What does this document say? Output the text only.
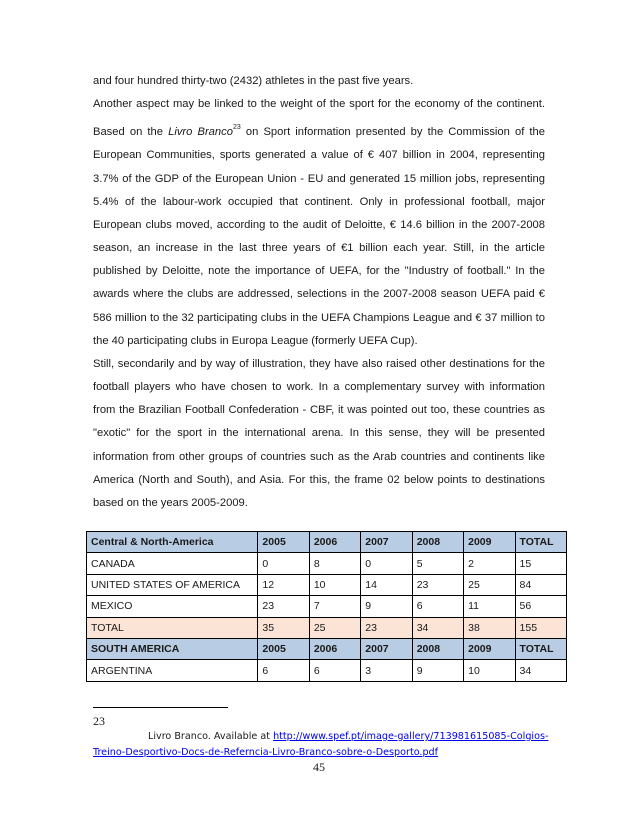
and four hundred thirty-two (2432) athletes in the past five years.

Another aspect may be linked to the weight of the sport for the economy of the continent. Based on the Livro Branco$^{23}$ on Sport information presented by the Commission of the European Communities, sports generated a value of € 407 billion in 2004, representing 3.7% of the GDP of the European Union - EU and generated 15 million jobs, representing 5.4% of the labour-work occupied that continent. Only in professional football, major European clubs moved, according to the audit of Deloitte, € 14.6 billion in the 2007-2008 season, an increase in the last three years of €1 billion each year. Still, in the article published by Deloitte, note the importance of UEFA, for the "Industry of football." In the awards where the clubs are addressed, selections in the 2007-2008 season UEFA paid € 586 million to the 32 participating clubs in the UEFA Champions League and € 37 million to the 40 participating clubs in Europa League (formerly UEFA Cup).

Still, secondarily and by way of illustration, they have also raised other destinations for the football players who have chosen to work. In a complementary survey with information from the Brazilian Football Confederation - CBF, it was pointed out too, these countries as "exotic" for the sport in the international arena. In this sense, they will be presented information from other groups of countries such as the Arab countries and continents like America (North and South), and Asia. For this, the frame 02 below points to destinations based on the years 2005-2009.

Central & North-America	2005	2006	2007	2008	2009	TOTAL
CANADA	0	8	0	5	2	15
UNITED STATES OF AMERICA	12	10	14	23	25	84
MEXICO	23	7	9	6	11	56
TOTAL	35	25	23	34	38	155
SOUTH AMERICA	2005	2006	2007	2008	2009	TOTAL
ARGENTINA	6	6	3	9	10	34
23
Livro Branco. Available at http://www.spef.pt/image-gallery/713981615085-Colgios-Treino-Desportivo-Docs-de-Referncia-Livro-Branco-sobre-o-Desporto.pdf
45
